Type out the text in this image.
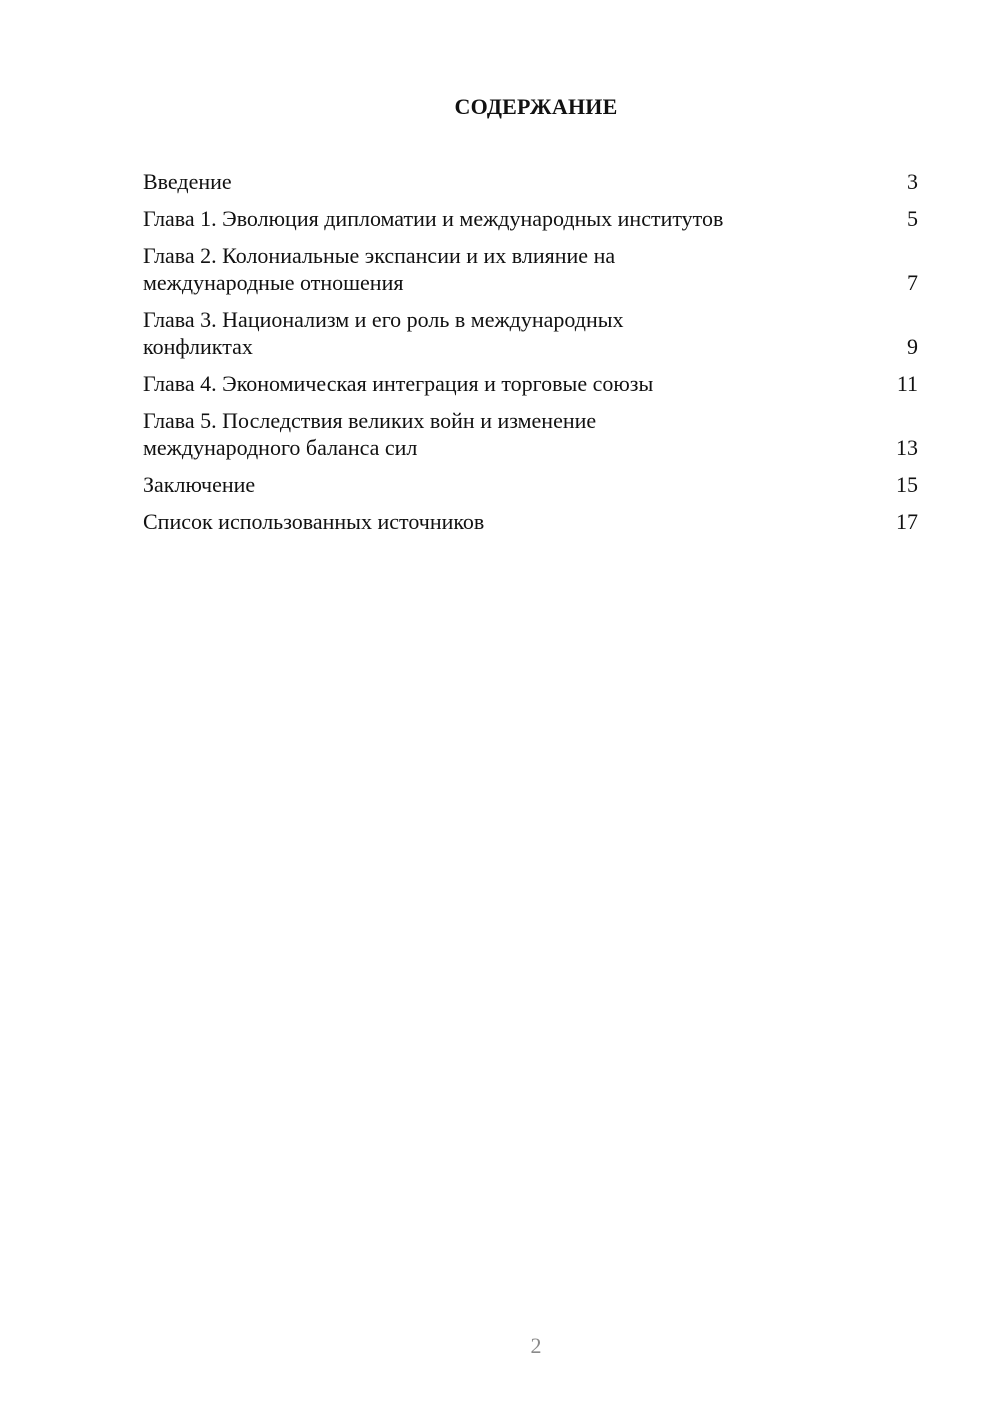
СОДЕРЖАНИЕ
Введение	3
Глава 1. Эволюция дипломатии и международных институтов	5
Глава 2. Колониальные экспансии и их влияние на
международные отношения	7
Глава 3. Национализм и его роль в международных
конфликтах	9
Глава 4. Экономическая интеграция и торговые союзы	11
Глава 5. Последствия великих войн и изменение
международного баланса сил	13
Заключение	15
Список использованных источников	17
2
